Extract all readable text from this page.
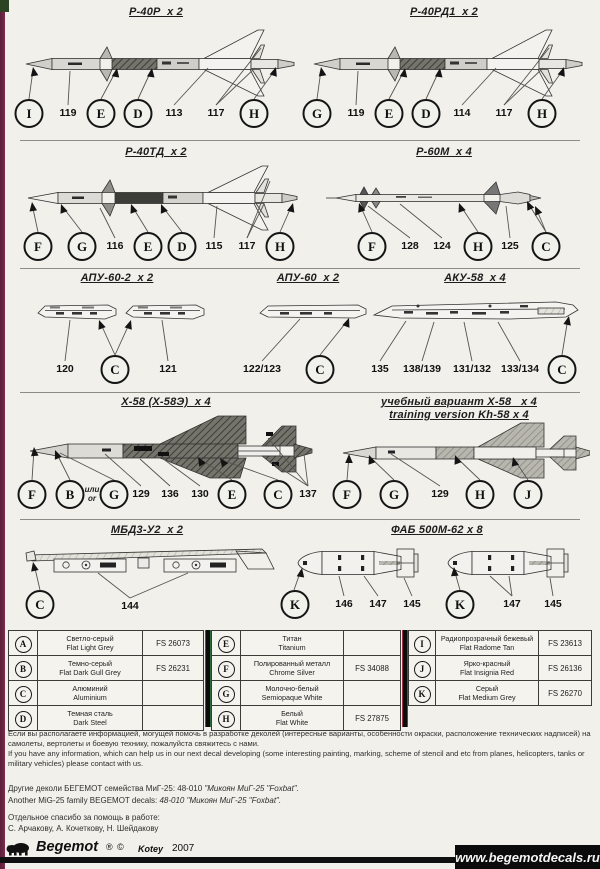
Р-40Р  x 2
I	119	E	D	113 117	H
Р-40РД1  x 2
G	119	E	D	114 117	H
Р-40ТД  x 2
F	G	116	E	D	115 117	H
Р-60М  x 4
F	128 124	H	125	C
АПУ-60-2  x 2
120	C	121
АПУ-60  x 2
122/123	C
АКУ-58  x 4
135 138/139 131/132 133/134	C
Х-58 (Х-58Э)  x 4
F	B	или
or G	129 136 130	E	C	137
учебный вариант Х-58   x 4
training version Kh-58 x 4
F	G	129	H	J
МБД3-У2  x 2
C	144
ФАБ 500М-62 x 8
K	146 147 145	K	147 145
A	Светло-серый
Flat Light Grey	FS 26073
B	Темно-серый
Flat Dark Gull Grey	FS 26231
C	Алюминий
Aluminium	

D	Темная сталь
Dark Steel	

E	Титан
Titanium	

F	Полированный металл
Chrome Silver	FS 34088
G	Молочно-белый
Semiopaque White	

H	Белый
Flat White	FS 27875
I	Радиопрозрачный бежевый
Flat Radome Tan	FS 23613
J	Ярко-красный
Flat Insignia Red	FS 26136
K	Серый
Flat Medium Grey	FS 26270
Если вы располагаете информацией, могущей помочь в разработке деколей (интересные варианты, особенности окраски, расположение технических надписей) на самолеты, вертолеты и боевую технику, пожалуйста свяжитесь с нами.
If you have any information, which can help us in our next decal developing (some interesting painting, marking, scheme of stencil and etc from planes, helicopters, tanks or military vehicles) please contact with us.
Другие деколи БЕГЕМОТ семейства МиГ-25: 48-010 "Микоян МиГ-25 "Foxbat".
Another MiG-25 family BEGEMOT decals: 48-010 "Микоян МиГ-25 "Foxbat".
Отдельное спасибо за помощь в работе:
С. Арчакову, А. Кочеткову, Н. Шейдакову
Begemot ® © Kotey 2007
www.begemotdecals.ru
